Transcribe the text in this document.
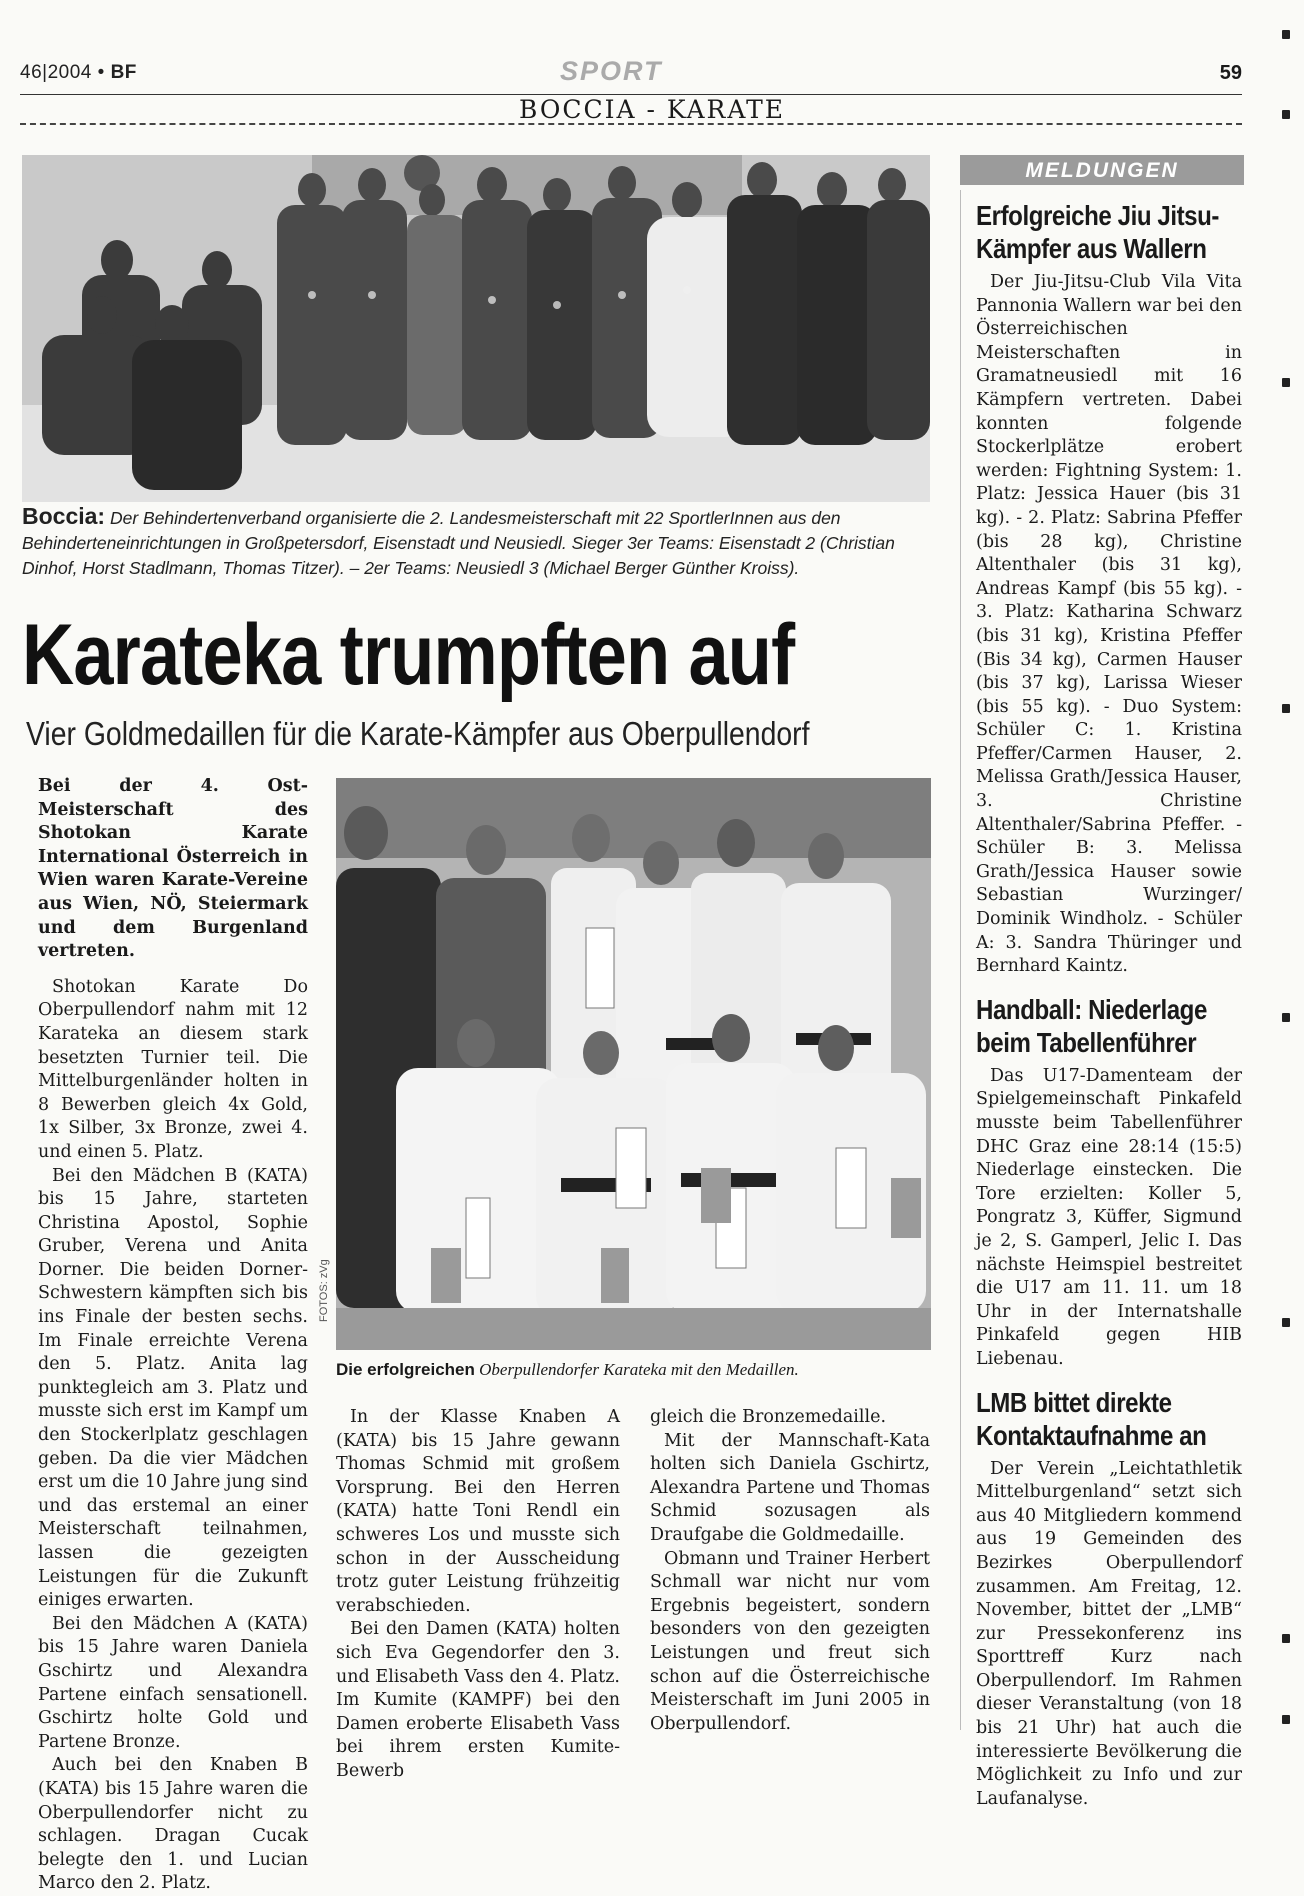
46|2004 • BF	SPORT	59
BOCCIA - KARATE
Boccia: Der Behindertenverband organisierte die 2. Landesmeisterschaft mit 22 SportlerInnen aus den Behinderteneinrichtungen in Großpetersdorf, Eisenstadt und Neusiedl. Sieger 3er Teams: Eisenstadt 2 (Christian Dinhof, Horst Stadlmann, Thomas Titzer). – 2er Teams: Neusiedl 3 (Michael Berger Günther Kroiss).
Karateka trumpften auf
Vier Goldmedaillen für die Karate-Kämpfer aus Oberpullendorf

Bei der 4. Ost-Meisterschaft des Shotokan Karate International Österreich in Wien waren Karate-Vereine aus Wien, NÖ, Steiermark und dem Burgenland vertreten.

Shotokan Karate Do Oberpullendorf nahm mit 12 Karateka an diesem stark besetzten Turnier teil. Die Mittelburgenländer holten in 8 Bewerben gleich 4x Gold, 1x Silber, 3x Bronze, zwei 4. und einen 5. Platz.

Bei den Mädchen B (KATA) bis 15 Jahre, starteten Christina Apostol, Sophie Gruber, Verena und Anita Dorner. Die beiden Dorner-Schwestern kämpften sich bis ins Finale der besten sechs. Im Finale erreichte Verena den 5. Platz. Anita lag punktegleich am 3. Platz und musste sich erst im Kampf um den Stockerlplatz geschlagen geben. Da die vier Mädchen erst um die 10 Jahre jung sind und das erstemal an einer Meisterschaft teilnahmen, lassen die gezeigten Leistungen für die Zukunft einiges erwarten.

Bei den Mädchen A (KATA) bis 15 Jahre waren Daniela Gschirtz und Alexandra Partene einfach sensationell. Gschirtz holte Gold und Partene Bronze.

Auch bei den Knaben B (KATA) bis 15 Jahre waren die Oberpullendorfer nicht zu schlagen. Dragan Cucak belegte den 1. und Lucian Marco den 2. Platz.

FOTOS: zVg
Die erfolgreichen Oberpullendorfer Karateka mit den Medaillen.

In der Klasse Knaben A (KATA) bis 15 Jahre gewann Thomas Schmid mit großem Vorsprung. Bei den Herren (KATA) hatte Toni Rendl ein schweres Los und musste sich schon in der Ausscheidung trotz guter Leistung frühzeitig verabschieden.

Bei den Damen (KATA) holten sich Eva Gegendorfer den 3. und Elisabeth Vass den 4. Platz. Im Kumite (KAMPF) bei den Damen eroberte Elisabeth Vass bei ihrem ersten Kumite-Bewerb

gleich die Bronzemedaille.

Mit der Mannschaft-Kata holten sich Daniela Gschirtz, Alexandra Partene und Thomas Schmid sozusagen als Draufgabe die Goldmedaille.

Obmann und Trainer Herbert Schmall war nicht nur vom Ergebnis begeistert, sondern besonders von den gezeigten Leistungen und freut sich schon auf die Österreichische Meisterschaft im Juni 2005 in Oberpullendorf.

MELDUNGEN
Erfolgreiche Jiu Jitsu-Kämpfer aus Wallern

Der Jiu-Jitsu-Club Vila Vita Pannonia Wallern war bei den Österreichischen Meisterschaften in Gramatneusiedl mit 16 Kämpfern vertreten. Dabei konnten folgende Stockerlplätze erobert werden: Fightning System: 1. Platz: Jessica Hauer (bis 31 kg). - 2. Platz: Sabrina Pfeffer (bis 28 kg), Christine Altenthaler (bis 31 kg), Andreas Kampf (bis 55 kg). - 3. Platz: Katharina Schwarz (bis 31 kg), Kristina Pfeffer (Bis 34 kg), Carmen Hauser (bis 37 kg), Larissa Wieser (bis 55 kg). - Duo System: Schüler C: 1. Kristina Pfeffer/Carmen Hauser, 2. Melissa Grath/Jessica Hauser, 3. Christine Altenthaler/Sabrina Pfeffer. - Schüler B: 3. Melissa Grath/Jessica Hauser sowie Sebastian Wurzinger/ Dominik Windholz. - Schüler A: 3. Sandra Thüringer und Bernhard Kaintz.

Handball: Niederlage beim Tabellenführer

Das U17-Damenteam der Spielgemeinschaft Pinkafeld musste beim Tabellenführer DHC Graz eine 28:14 (15:5) Niederlage einstecken. Die Tore erzielten: Koller 5, Pongratz 3, Küffer, Sigmund je 2, S. Gamperl, Jelic I. Das nächste Heimspiel bestreitet die U17 am 11. 11. um 18 Uhr in der Internatshalle Pinkafeld gegen HIB Liebenau.

LMB bittet direkte Kontaktaufnahme an

Der Verein „Leichtathletik Mittelburgenland“ setzt sich aus 40 Mitgliedern kommend aus 19 Gemeinden des Bezirkes Oberpullendorf zusammen. Am Freitag, 12. November, bittet der „LMB“ zur Pressekonferenz ins Sporttreff Kurz nach Oberpullendorf. Im Rahmen dieser Veranstaltung (von 18 bis 21 Uhr) hat auch die interessierte Bevölkerung die Möglichkeit zu Info und zur Laufanalyse.
